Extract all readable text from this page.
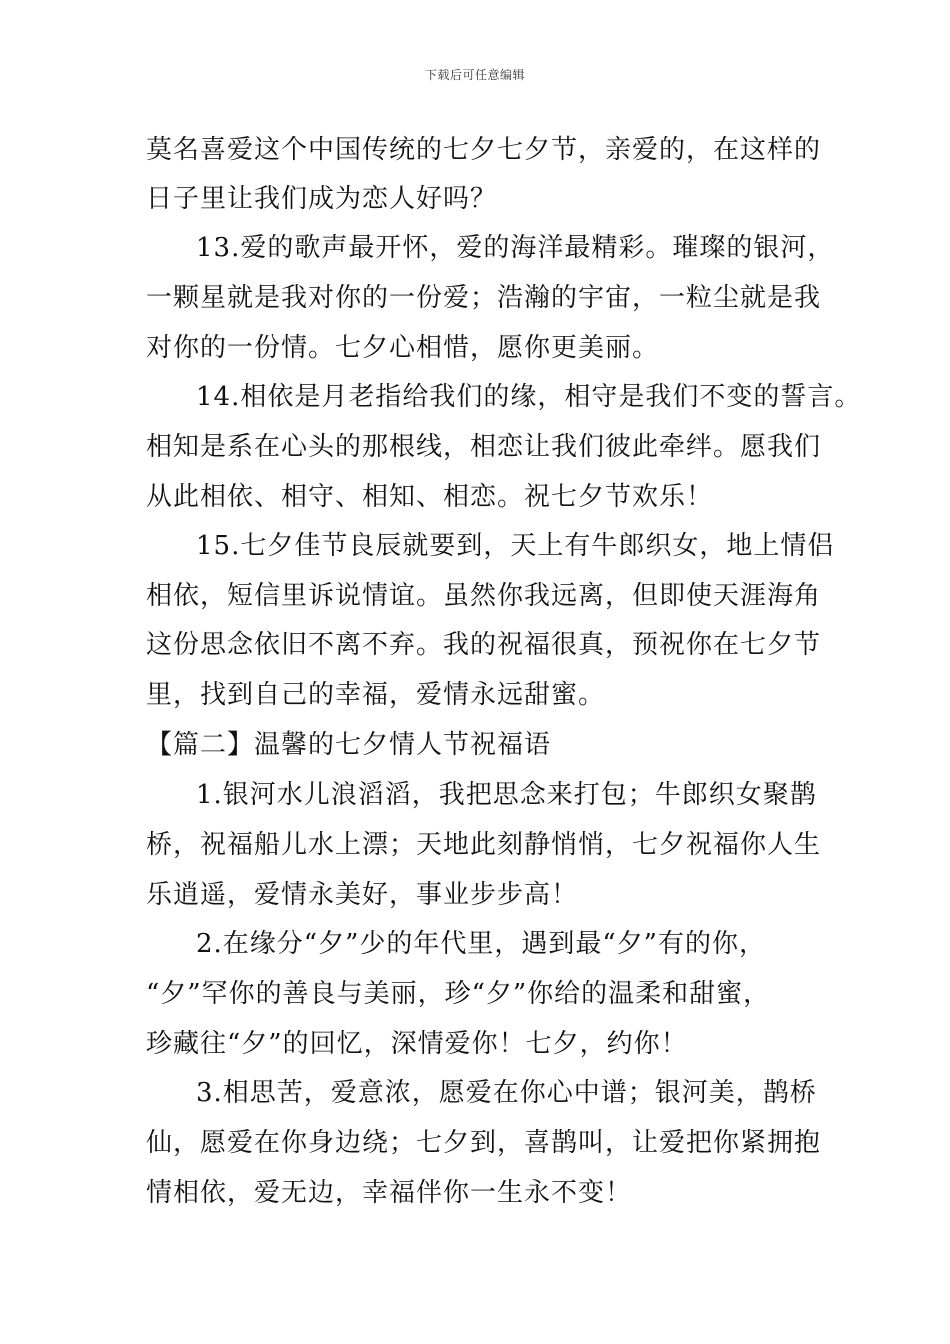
下载后可任意编辑
莫名喜爱这个中国传统的七夕七夕节，亲爱的，在这样的
日子里让我们成为恋人好吗？
13.爱的歌声最开怀，爱的海洋最精彩。璀璨的银河，
一颗星就是我对你的一份爱；浩瀚的宇宙，一粒尘就是我
对你的一份情。七夕心相惜，愿你更美丽。
14.相依是月老指给我们的缘，相守是我们不变的誓言。
相知是系在心头的那根线，相恋让我们彼此牵绊。愿我们
从此相依、相守、相知、相恋。祝七夕节欢乐！
15.七夕佳节良辰就要到，天上有牛郎织女，地上情侣
相依，短信里诉说情谊。虽然你我远离，但即使天涯海角
这份思念依旧不离不弃。我的祝福很真，预祝你在七夕节
里，找到自己的幸福，爱情永远甜蜜。
【篇二】温馨的七夕情人节祝福语
1.银河水儿浪滔滔，我把思念来打包；牛郎织女聚鹊
桥，祝福船儿水上漂；天地此刻静悄悄，七夕祝福你人生
乐逍遥，爱情永美好，事业步步高！
2.在缘分“夕”少的年代里，遇到最“夕”有的你，
“夕”罕你的善良与美丽，珍“夕”你给的温柔和甜蜜，
珍藏往“夕”的回忆，深情爱你！七夕，约你！
3.相思苦，爱意浓，愿爱在你心中谱；银河美，鹊桥
仙，愿爱在你身边绕；七夕到，喜鹊叫，让爱把你紧拥抱
情相依，爱无边，幸福伴你一生永不变！
